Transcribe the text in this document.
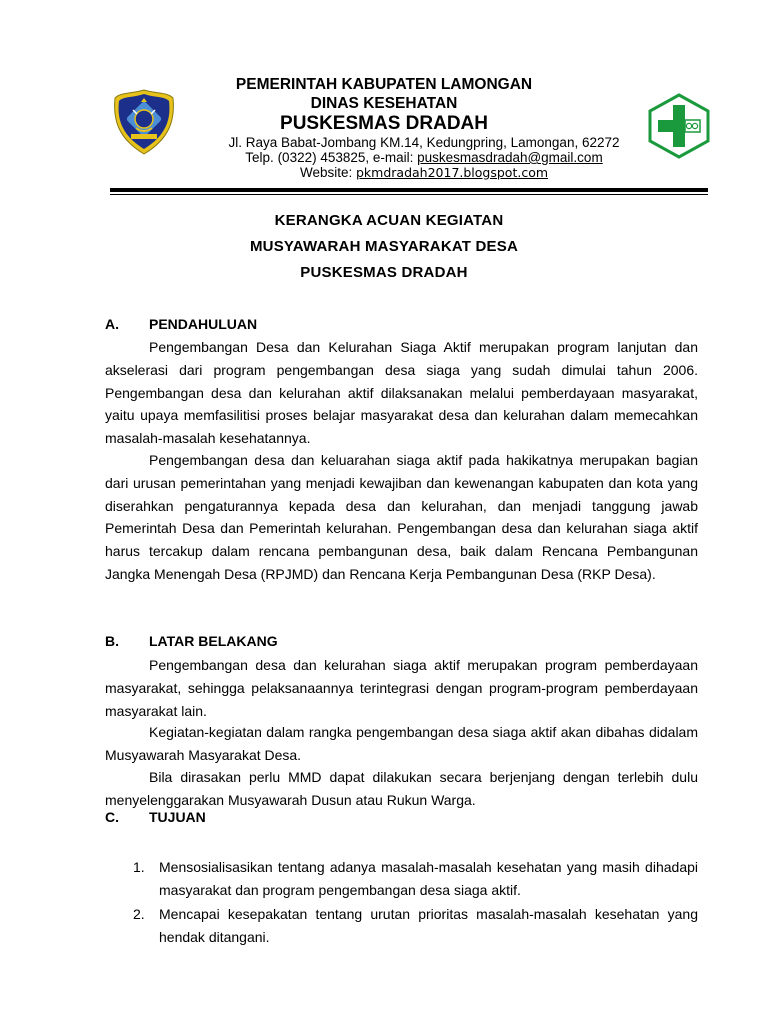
PEMERINTAH KABUPATEN LAMONGAN
DINAS KESEHATAN
PUSKESMAS DRADAH
Jl. Raya Babat-Jombang KM.14, Kedungpring, Lamongan, 62272
Telp. (0322) 453825, e-mail: puskesmasdradah@gmail.com
Website: pkmdradah2017.blogspot.com
KERANGKA ACUAN KEGIATAN
MUSYAWARAH MASYARAKAT DESA
PUSKESMAS DRADAH
A. PENDAHULUAN
Pengembangan Desa dan Kelurahan Siaga Aktif merupakan program lanjutan dan akselerasi dari program pengembangan desa siaga yang sudah dimulai tahun 2006. Pengembangan desa dan kelurahan aktif dilaksanakan melalui pemberdayaan masyarakat, yaitu upaya memfasilitisi proses belajar masyarakat desa dan kelurahan dalam memecahkan masalah-masalah kesehatannya.
Pengembangan desa dan keluarahan siaga aktif pada hakikatnya merupakan bagian dari urusan pemerintahan yang menjadi kewajiban dan kewenangan kabupaten dan kota yang diserahkan pengaturannya kepada desa dan kelurahan, dan menjadi tanggung jawab Pemerintah Desa dan Pemerintah kelurahan. Pengembangan desa dan kelurahan siaga aktif harus tercakup dalam rencana pembangunan desa, baik dalam Rencana Pembangunan Jangka Menengah Desa (RPJMD) dan Rencana Kerja Pembangunan Desa (RKP Desa).
B. LATAR BELAKANG
Pengembangan desa dan kelurahan siaga aktif merupakan program pemberdayaan masyarakat, sehingga pelaksanaannya terintegrasi dengan program-program pemberdayaan masyarakat lain.
Kegiatan-kegiatan dalam rangka pengembangan desa siaga aktif akan dibahas didalam Musyawarah Masyarakat Desa.
Bila dirasakan perlu MMD dapat dilakukan secara berjenjang dengan terlebih dulu menyelenggarakan Musyawarah Dusun atau Rukun Warga.
C. TUJUAN
1.	Mensosialisasikan tentang adanya masalah-masalah kesehatan yang masih dihadapi masyarakat dan program pengembangan desa siaga aktif.
2.	Mencapai kesepakatan tentang urutan prioritas masalah-masalah kesehatan yang hendak ditangani.
